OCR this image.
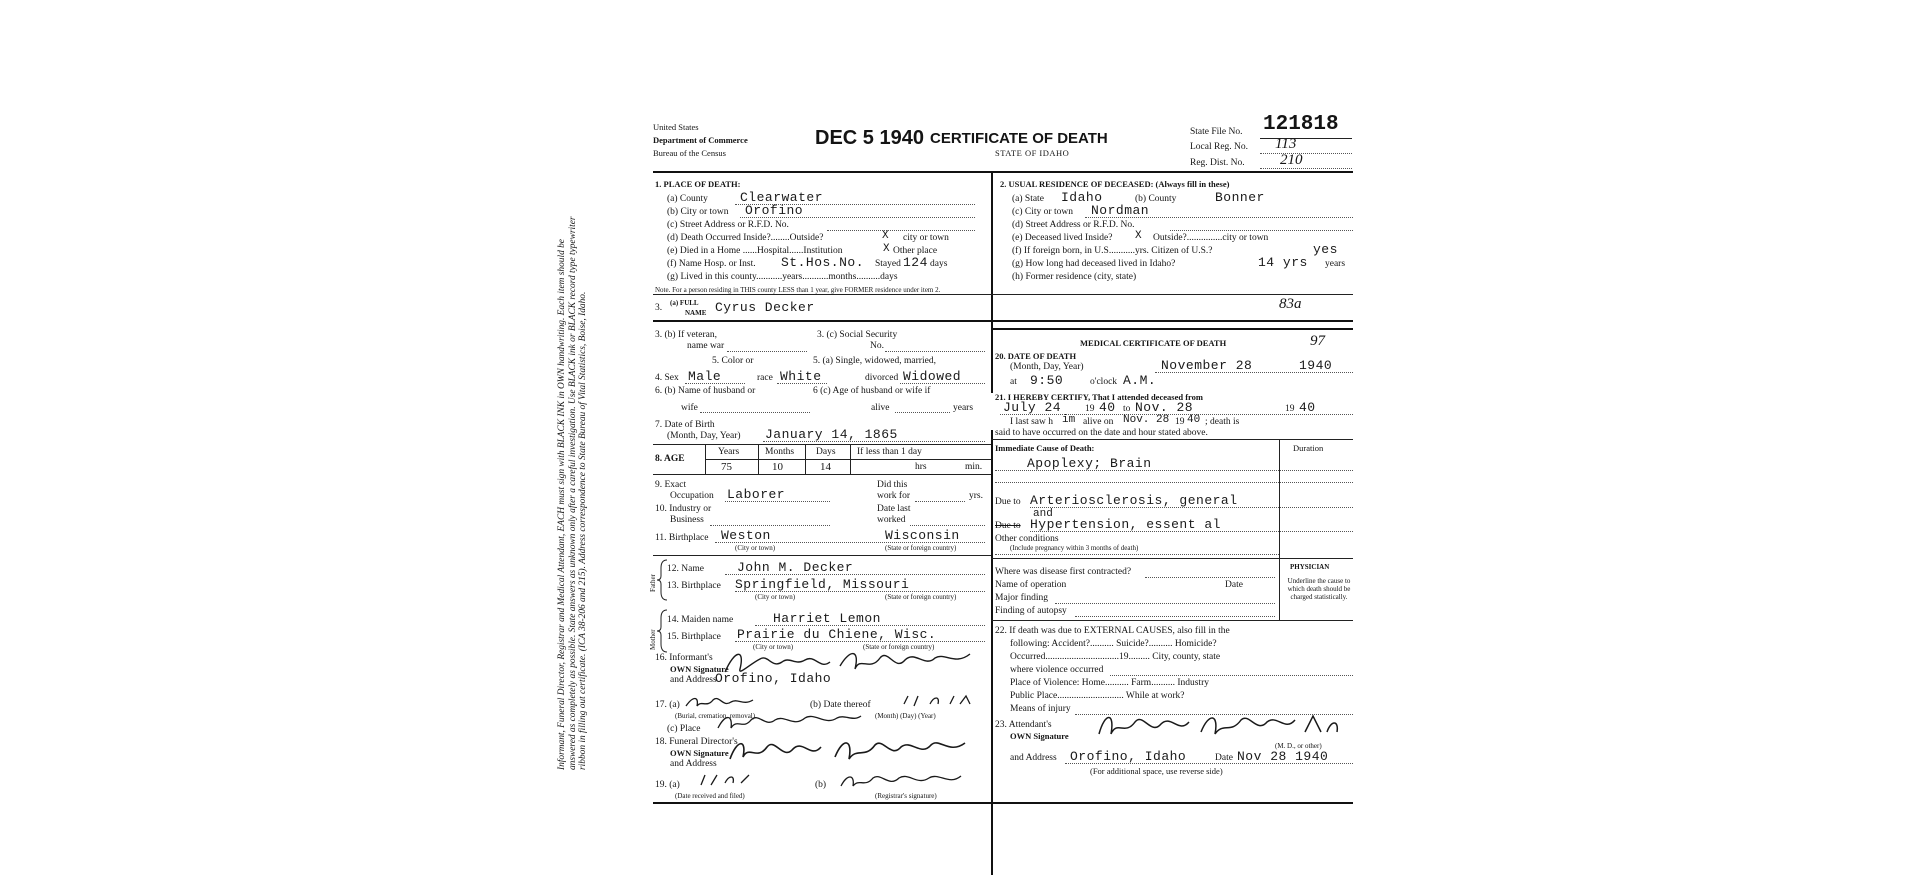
Informant, Funeral Director, Registrar and Medical Attendant, EACH must sign with BLACK INK in OWN handwriting. Each item should be answered as completely as possible. State answers as unknown only after a careful investigation. Use BLACK ink or BLACK record type typewriter ribbon in filling out certificate. (ICA 38-206 and 215). Address correspondence to State Bureau of Vital Statistics, Boise, Idaho.
United States
Department of Commerce
Bureau of the Census
DEC 5 1940 CERTIFICATE OF DEATH
STATE OF IDAHO
State File No. 121818
Local Reg. No. 113
Reg. Dist. No. 210
1. PLACE OF DEATH:
(a) County Clearwater
(b) City or town Orofino
(c) Street Address or R.F.D. No.
(d) Death Occurred Inside?........Outside?	X city or town
(e) Died in a Home ......Hospital......Institution	X Other place
(f) Name Hosp. or Inst. St.Hos.No. Stayed 124 days
(g) Lived in this county...........years...........months..........days
Note. For a person residing in THIS county LESS than 1 year, give FORMER residence under item 2.
2. USUAL RESIDENCE OF DECEASED: (Always fill in these)
(a) State Idaho	(b) County	Bonner
(c) City or town Nordman
(d) Street Address or R.F.D. No.
(e) Deceased lived Inside? X Outside?...............city or town
(f) If foreign born, in U.S...........yrs. Citizen of U.S.?	yes
(g) How long had deceased lived in Idaho?	14 yrs years
(h) Former residence (city, state)
3. (a) FULL
NAME Cyrus Decker	83a
3. (b) If veteran,
name war
3. (c) Social Security
No.
5. Color or	5. (a) Single, widowed, married,
4. Sex Male	race White	divorced Widowed
6. (b) Name of husband or
wife
6 (c) Age of husband or wife if
alive	years
7. Date of Birth
(Month, Day, Year) January 14, 1865
8. AGE
Years	Months Days If less than 1 day
75	10	14	hrs	min.
9. Exact
Occupation Laborer
Did this
work for	yrs.
10. Industry or
Business
Date last
worked
11. Birthplace Weston	Wisconsin
(City or town)	(State or foreign country)
Father
12. Name	John M. Decker
13. Birthplace Springfield, Missouri
(City or town)	(State or foreign country)
Mother
14. Maiden name	Harriet Lemon
15. Birthplace Prairie du Chiene, Wisc.
(City or town)	(State or foreign country)
16. Informant's
OWN Signature
and Address
Orofino, Idaho
17. (a)
(Burial, cremation, removal)
(b) Date thereof
(Month) (Day) (Year)
(c) Place
18. Funeral Director's
OWN Signature
and Address
19. (a)
(Date received and filed)
(b)
(Registrar's signature)
MEDICAL CERTIFICATE OF DEATH	97
20. DATE OF DEATH
(Month, Day, Year)	November 28	1940
at 9:50	o'clock A.M.
21. I HEREBY CERTIFY, That I attended deceased from
July 24	19 40 to Nov. 28	19 40
I last saw h im alive on Nov. 28 19 40 ; death is
said to have occurred on the date and hour stated above.
Immediate Cause of Death:	Duration
Apoplexy; Brain
Due to Arteriosclerosis, general
Due to
and
Hypertension, essent al
Other conditions
(Include pregnancy within 3 months of death)
Where was disease first contracted?
Name of operation	Date
Major finding
Finding of autopsy
PHYSICIAN
Underline the cause to which death should be charged statistically.
22. If death was due to EXTERNAL CAUSES, also fill in the
following: Accident?.......... Suicide?.......... Homicide?
Occurred...............................19......... City, county, state
where violence occurred
Place of Violence: Home.......... Farm.......... Industry
Public Place............................ While at work?
Means of injury
23. Attendant's
OWN Signature
(M. D., or other)
and Address Orofino, Idaho	Date Nov 28 1940
(For additional space, use reverse side)
